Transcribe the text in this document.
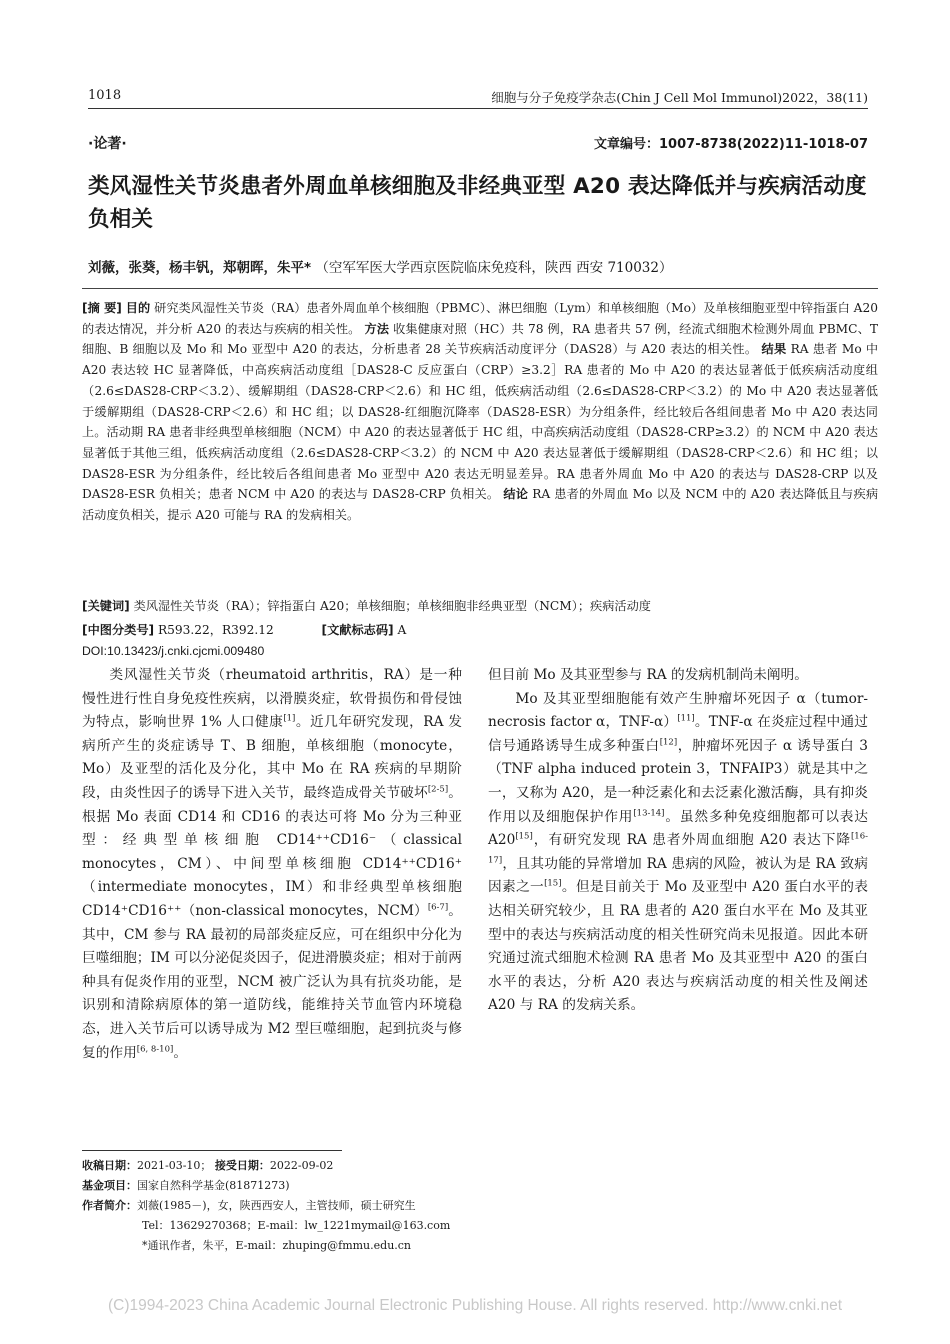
1018	细胞与分子免疫学杂志(Chin J Cell Mol Immunol)2022，38(11)
·论著·	文章编号：1007-8738(2022)11-1018-07
类风湿性关节炎患者外周血单核细胞及非经典亚型 A20 表达降低并与疾病活动度负相关
刘薇，张葵，杨丰钒，郑朝晖，朱平* （空军军医大学西京医院临床免疫科，陕西 西安 710032）
[摘 要] 目的 研究类风湿性关节炎（RA）患者外周血单个核细胞（PBMC）、淋巴细胞（Lym）和单核细胞（Mo）及单核细胞亚型中锌指蛋白 A20 的表达情况，并分析 A20 的表达与疾病的相关性。 方法 收集健康对照（HC）共 78 例，RA 患者共 57 例，经流式细胞术检测外周血 PBMC、T 细胞、B 细胞以及 Mo 和 Mo 亚型中 A20 的表达，分析患者 28 关节疾病活动度评分（DAS28）与 A20 表达的相关性。 结果 RA 患者 Mo 中 A20 表达较 HC 显著降低，中高疾病活动度组［DAS28-C 反应蛋白（CRP）≥3.2］RA 患者的 Mo 中 A20 的表达显著低于低疾病活动度组（2.6≤DAS28-CRP＜3.2）、缓解期组（DAS28-CRP＜2.6）和 HC 组，低疾病活动组（2.6≤DAS28-CRP＜3.2）的 Mo 中 A20 表达显著低于缓解期组（DAS28-CRP＜2.6）和 HC 组；以 DAS28-红细胞沉降率（DAS28-ESR）为分组条件，经比较后各组间患者 Mo 中 A20 表达同上。活动期 RA 患者非经典型单核细胞（NCM）中 A20 的表达显著低于 HC 组，中高疾病活动度组（DAS28-CRP≥3.2）的 NCM 中 A20 表达显著低于其他三组，低疾病活动度组（2.6≤DAS28-CRP＜3.2）的 NCM 中 A20 表达显著低于缓解期组（DAS28-CRP＜2.6）和 HC 组；以 DAS28-ESR 为分组条件，经比较后各组间患者 Mo 亚型中 A20 表达无明显差异。RA 患者外周血 Mo 中 A20 的表达与 DAS28-CRP 以及 DAS28-ESR 负相关；患者 NCM 中 A20 的表达与 DAS28-CRP 负相关。 结论 RA 患者的外周血 Mo 以及 NCM 中的 A20 表达降低且与疾病活动度负相关，提示 A20 可能与 RA 的发病相关。
[关键词] 类风湿性关节炎（RA）；锌指蛋白 A20；单核细胞；单核细胞非经典亚型（NCM）；疾病活动度
[中图分类号] R593.22，R392.12	[文献标志码] A
DOI:10.13423/j.cnki.cjcmi.009480

类风湿性关节炎（rheumatoid arthritis，RA）是一种慢性进行性自身免疫性疾病，以滑膜炎症，软骨损伤和骨侵蚀为特点，影响世界 1% 人口健康[1]。近几年研究发现，RA 发病所产生的炎症诱导 T、B 细胞，单核细胞（monocyte，Mo）及亚型的活化及分化，其中 Mo 在 RA 疾病的早期阶段，由炎性因子的诱导下进入关节，最终造成骨关节破坏[2-5]。根据 Mo 表面 CD14 和 CD16 的表达可将 Mo 分为三种亚型：经典型单核细胞 CD14⁺⁺CD16⁻（classical monocytes，CM）、中间型单核细胞 CD14⁺⁺CD16⁺（intermediate monocytes，IM）和非经典型单核细胞 CD14⁺CD16⁺⁺（non-classical monocytes，NCM）[6-7]。其中，CM 参与 RA 最初的局部炎症反应，可在组织中分化为巨噬细胞；IM 可以分泌促炎因子，促进滑膜炎症；相对于前两种具有促炎作用的亚型，NCM 被广泛认为具有抗炎功能，是识别和清除病原体的第一道防线，能维持关节血管内环境稳态，进入关节后可以诱导成为 M2 型巨噬细胞，起到抗炎与修复的作用[6, 8-10]。

但目前 Mo 及其亚型参与 RA 的发病机制尚未阐明。

Mo 及其亚型细胞能有效产生肿瘤坏死因子 α（tumor-necrosis factor α，TNF-α）[11]。TNF-α 在炎症过程中通过信号通路诱导生成多种蛋白[12]，肿瘤坏死因子 α 诱导蛋白 3（TNF alpha induced protein 3，TNFAIP3）就是其中之一，又称为 A20，是一种泛素化和去泛素化激活酶，具有抑炎作用以及细胞保护作用[13-14]。虽然多种免疫细胞都可以表达 A20[15]，有研究发现 RA 患者外周血细胞 A20 表达下降[16-17]，且其功能的异常增加 RA 患病的风险，被认为是 RA 致病因素之一[15]。但是目前关于 Mo 及亚型中 A20 蛋白水平的表达相关研究较少，且 RA 患者的 A20 蛋白水平在 Mo 及其亚型中的表达与疾病活动度的相关性研究尚未见报道。因此本研究通过流式细胞术检测 RA 患者 Mo 及其亚型中 A20 的蛋白水平的表达，分析 A20 表达与疾病活动度的相关性及阐述 A20 与 RA 的发病关系。

收稿日期：2021-03-10； 接受日期：2022-09-02
基金项目：国家自然科学基金(81871273)
作者简介：刘薇(1985－)，女，陕西西安人，主管技师，硕士研究生
Tel：13629270368；E-mail：lw_1221mymail@163.com
*通讯作者，朱平，E-mail：zhuping@fmmu.edu.cn
(C)1994-2023 China Academic Journal Electronic Publishing House. All rights reserved. http://www.cnki.net
